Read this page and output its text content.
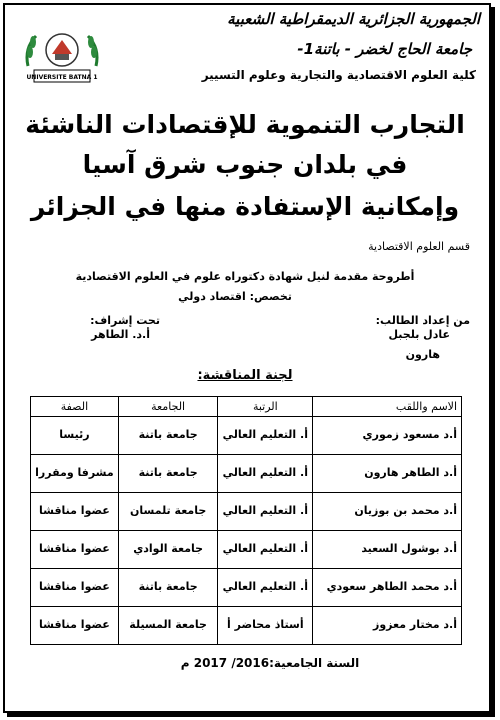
الجمهورية الجزائرية الديمقراطية الشعبية
جامعة الحاج لخضر - باتنة1-
كلية العلوم الاقتصادية والتجارية وعلوم التسيير
UNIVERSITE BATNA 1
التجارب التنموية للإقتصادات الناشئة
في بلدان جنوب شرق آسيا
وإمكانية الإستفادة منها في الجزائر
قسم العلوم الاقتصادية
أطروحة مقدمة لنيل شهادة دكتوراه علوم في العلوم الاقتصادية
تخصص: اقتصاد دولي
من إعداد الطالب:
عادل بلجبل
تحت إشراف:
أ.د. الطاهر
هارون
لجنة المناقشة:
الاسم واللقب	الرتبة	الجامعة	الصفة
أ.د مسعود زموري	أ. التعليم العالي	جامعة باتنة	رئيسا
أ.د الطاهر هارون	أ. التعليم العالي	جامعة باتنة	مشرفا ومقررا
أ.د محمد بن بوزيان	أ. التعليم العالي	جامعة تلمسان	عضوا مناقشا
أ.د بوشول السعيد	أ. التعليم العالي	جامعة الوادي	عضوا مناقشا
أ.د محمد الطاهر سعودي	أ. التعليم العالي	جامعة باتنة	عضوا مناقشا
أ.د مختار معزوز	أستاذ محاضر أ	جامعة المسيلة	عضوا مناقشا
السنة الجامعية:2016/ 2017 م
